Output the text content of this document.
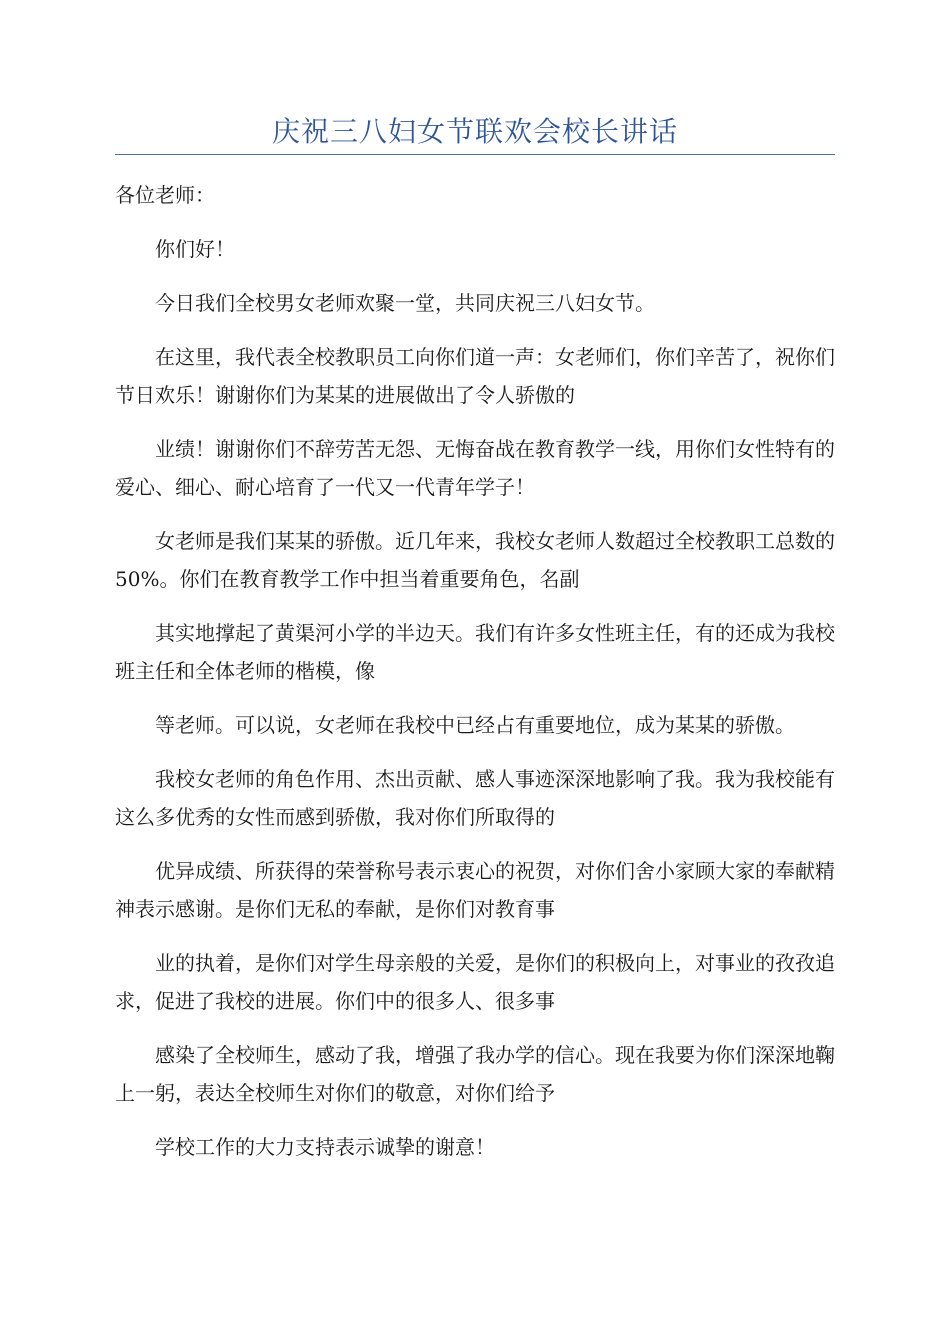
庆祝三八妇女节联欢会校长讲话

各位老师：

你们好！

今日我们全校男女老师欢聚一堂，共同庆祝三八妇女节。

在这里，我代表全校教职员工向你们道一声：女老师们，你们辛苦了，祝你们节日欢乐！谢谢你们为某某的进展做出了令人骄傲的

业绩！谢谢你们不辞劳苦无怨、无悔奋战在教育教学一线，用你们女性特有的爱心、细心、耐心培育了一代又一代青年学子！

女老师是我们某某的骄傲。近几年来，我校女老师人数超过全校教职工总数的 50%。你们在教育教学工作中担当着重要角色，名副

其实地撑起了黄渠河小学的半边天。我们有许多女性班主任，有的还成为我校班主任和全体老师的楷模，像

等老师。可以说，女老师在我校中已经占有重要地位，成为某某的骄傲。

我校女老师的角色作用、杰出贡献、感人事迹深深地影响了我。我为我校能有这么多优秀的女性而感到骄傲，我对你们所取得的

优异成绩、所获得的荣誉称号表示衷心的祝贺，对你们舍小家顾大家的奉献精神表示感谢。是你们无私的奉献，是你们对教育事

业的执着，是你们对学生母亲般的关爱，是你们的积极向上，对事业的孜孜追求，促进了我校的进展。你们中的很多人、很多事

感染了全校师生，感动了我，增强了我办学的信心。现在我要为你们深深地鞠上一躬，表达全校师生对你们的敬意，对你们给予

学校工作的大力支持表示诚挚的谢意！
